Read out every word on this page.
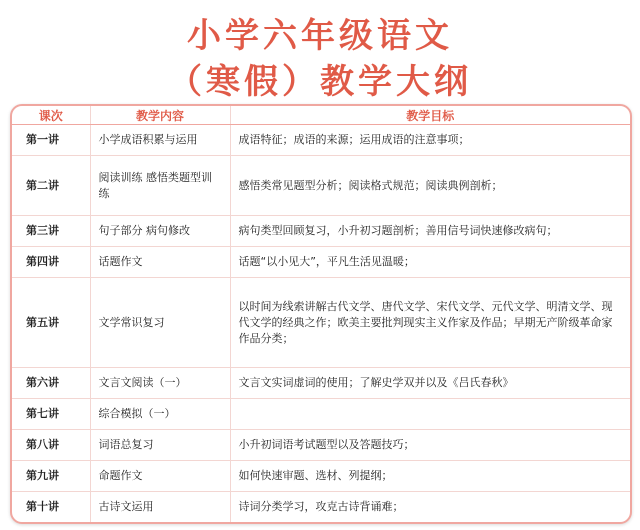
小学六年级语文
（寒假）教学大纲
课次	教学内容	教学目标
第一讲	小学成语积累与运用	成语特征；成语的来源；运用成语的注意事项；
第二讲	阅读训练 感悟类题型训练	感悟类常见题型分析；阅读格式规范；阅读典例剖析；
第三讲	句子部分 病句修改	病句类型回顾复习，小升初习题剖析；善用信号词快速修改病句；
第四讲	话题作文	话题“以小见大”，平凡生活见温暖；
第五讲	文学常识复习	以时间为线索讲解古代文学、唐代文学、宋代文学、元代文学、明清文学、现代文学的经典之作；欧美主要批判现实主义作家及作品；早期无产阶级革命家作品分类；
第六讲	文言文阅读（一）	文言文实词虚词的使用；了解史学双并以及《吕氏春秋》
第七讲	综合模拟（一）	
第八讲	词语总复习	小升初词语考试题型以及答题技巧；
第九讲	命题作文	如何快速审题、选材、列提纲；
第十讲	古诗文运用	诗词分类学习，攻克古诗背诵难；
